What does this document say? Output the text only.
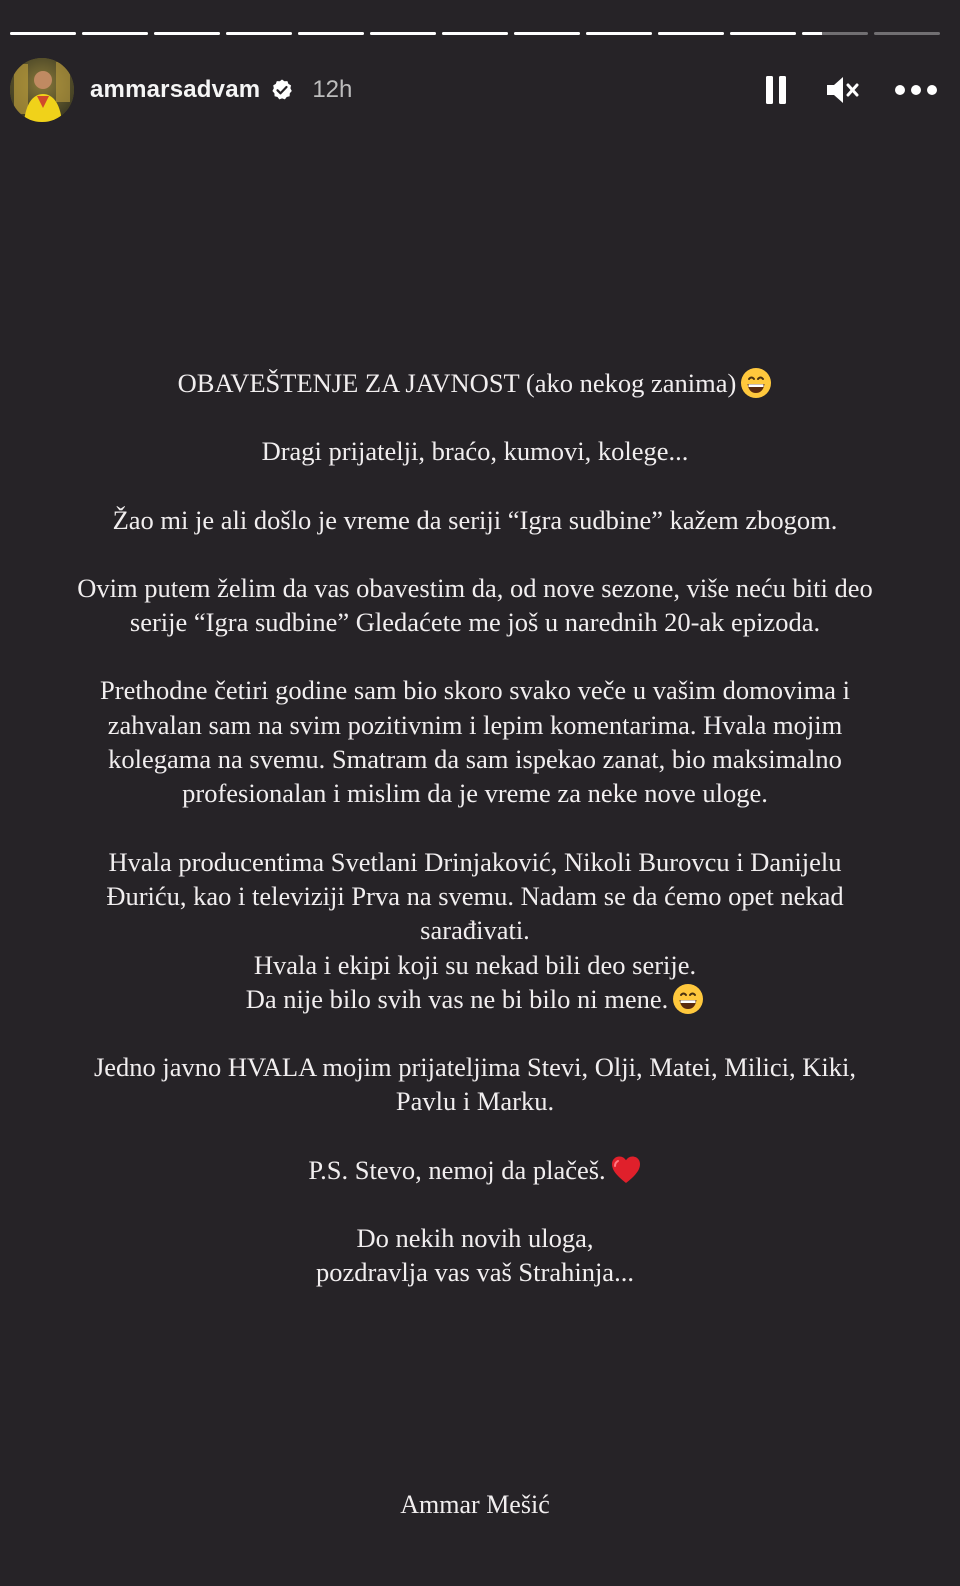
ammarsadvam 12h

OBAVEŠTENJE ZA JAVNOST (ako nekog zanima)

Dragi prijatelji, braćo, kumovi, kolege...

Žao mi je ali došlo je vreme da seriji “Igra sudbine” kažem zbogom.

Ovim putem želim da vas obavestim da, od nove sezone, više neću biti deo
serije “Igra sudbine” Gledaćete me još u narednih 20-ak epizoda.

Prethodne četiri godine sam bio skoro svako veče u vašim domovima i
zahvalan sam na svim pozitivnim i lepim komentarima. Hvala mojim
kolegama na svemu. Smatram da sam ispekao zanat, bio maksimalno
profesionalan i mislim da je vreme za neke nove uloge.

Hvala producentima Svetlani Drinjaković, Nikoli Burovcu i Danijelu
Đuriću, kao i televiziji Prva na svemu. Nadam se da ćemo opet nekad
sarađivati.
Hvala i ekipi koji su nekad bili deo serije.
Da nije bilo svih vas ne bi bilo ni mene.

Jedno javno HVALA mojim prijateljima Stevi, Olji, Matei, Milici, Kiki,
Pavlu i Marku.

P.S. Stevo, nemoj da plačeš.

Do nekih novih uloga,
pozdravlja vas vaš Strahinja...

Ammar Mešić
